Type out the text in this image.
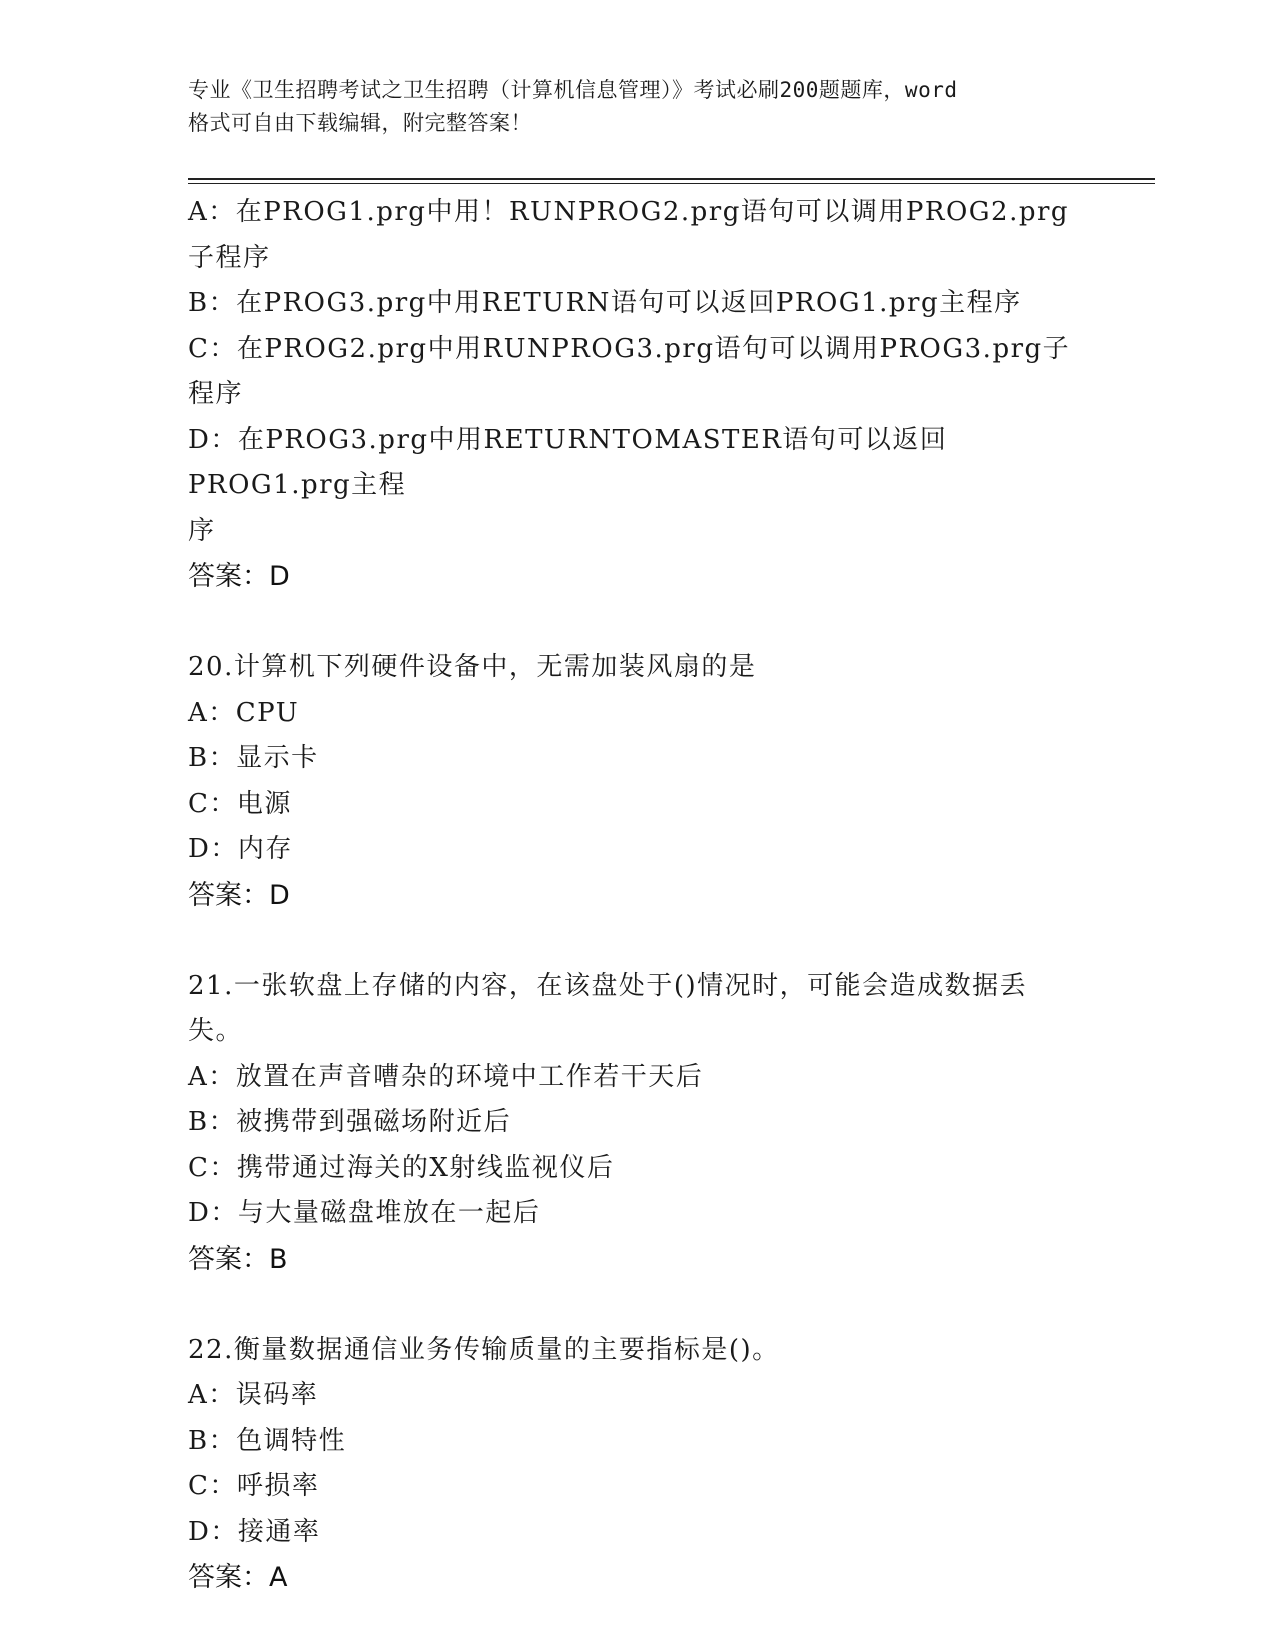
专业《卫生招聘考试之卫生招聘（计算机信息管理）》考试必刷200题题库，word
格式可自由下载编辑，附完整答案！
A：在PROG1.prg中用！RUNPROG2.prg语句可以调用PROG2.prg子程序
B：在PROG3.prg中用RETURN语句可以返回PROG1.prg主程序
C：在PROG2.prg中用RUNPROG3.prg语句可以调用PROG3.prg子程序
D：在PROG3.prg中用RETURNTOMASTER语句可以返回PROG1.prg主程
序
答案：D
20.计算机下列硬件设备中，无需加装风扇的是
A：CPU
B：显示卡
C：电源
D：内存
答案：D
21.一张软盘上存储的内容，在该盘处于()情况时，可能会造成数据丢
失。
A：放置在声音嘈杂的环境中工作若干天后
B：被携带到强磁场附近后
C：携带通过海关的X射线监视仪后
D：与大量磁盘堆放在一起后
答案：B
22.衡量数据通信业务传输质量的主要指标是()。
A：误码率
B：色调特性
C：呼损率
D：接通率
答案：A
